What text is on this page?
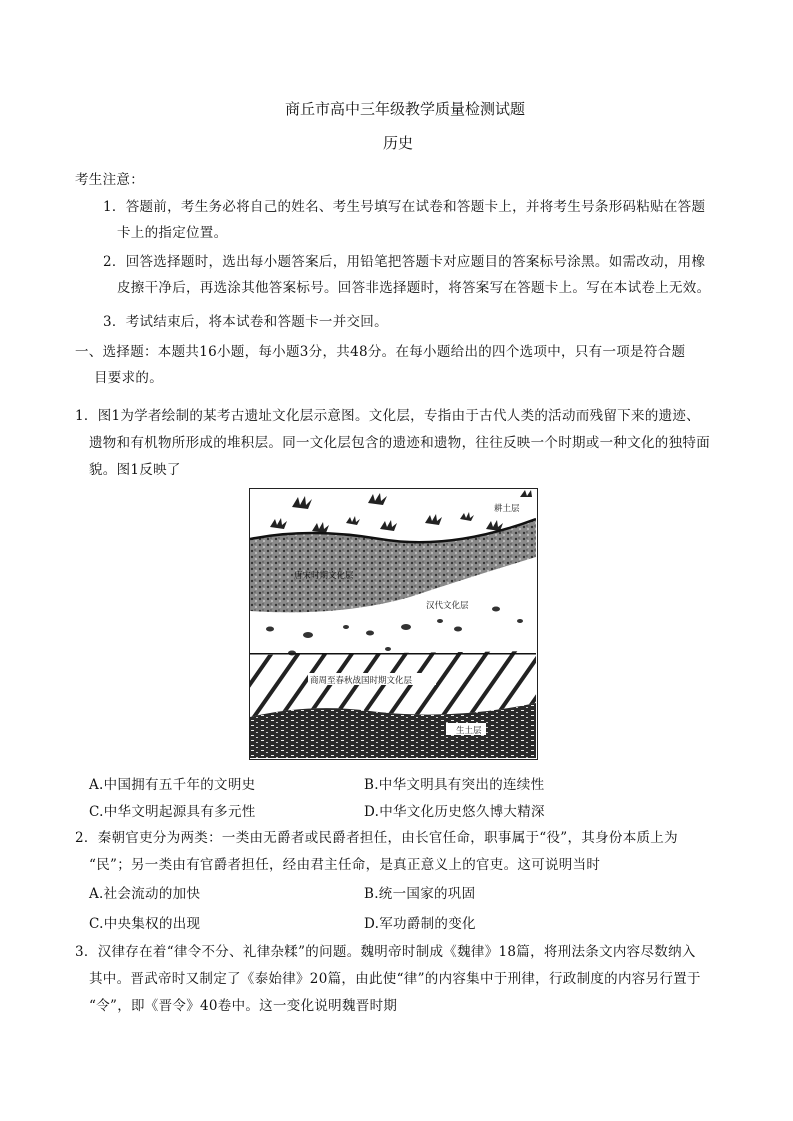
商丘市高中三年级教学质量检测试题
历史
考生注意：
1．答题前，考生务必将自己的姓名、考生号填写在试卷和答题卡上，并将考生号条形码粘贴在答题
卡上的指定位置。
2．回答选择题时，选出每小题答案后，用铅笔把答题卡对应题目的答案标号涂黑。如需改动，用橡
皮擦干净后，再选涂其他答案标号。回答非选择题时，将答案写在答题卡上。写在本试卷上无效。
3．考试结束后，将本试卷和答题卡一并交回。
一、选择题：本题共16小题，每小题3分，共48分。在每小题给出的四个选项中，只有一项是符合题
目要求的。
1．图1为学者绘制的某考古遗址文化层示意图。文化层，专指由于古代人类的活动而残留下来的遗迹、
遗物和有机物所形成的堆积层。同一文化层包含的遗迹和遗物，往往反映一个时期或一种文化的独特面
貌。图1反映了
耕土层
唐宋时期文化层
汉代文化层
商周至春秋战国时期文化层
生土层
A.中国拥有五千年的文明史	B.中华文明具有突出的连续性
C.中华文明起源具有多元性	D.中华文化历史悠久博大精深
2．秦朝官吏分为两类：一类由无爵者或民爵者担任，由长官任命，职事属于“役”，其身份本质上为
“民”；另一类由有官爵者担任，经由君主任命，是真正意义上的官吏。这可说明当时
A.社会流动的加快	B.统一国家的巩固
C.中央集权的出现	D.军功爵制的变化
3．汉律存在着“律令不分、礼律杂糅”的问题。魏明帝时制成《魏律》18篇，将刑法条文内容尽数纳入
其中。晋武帝时又制定了《泰始律》20篇，由此使“律”的内容集中于刑律，行政制度的内容另行置于
“令”，即《晋令》40卷中。这一变化说明魏晋时期
